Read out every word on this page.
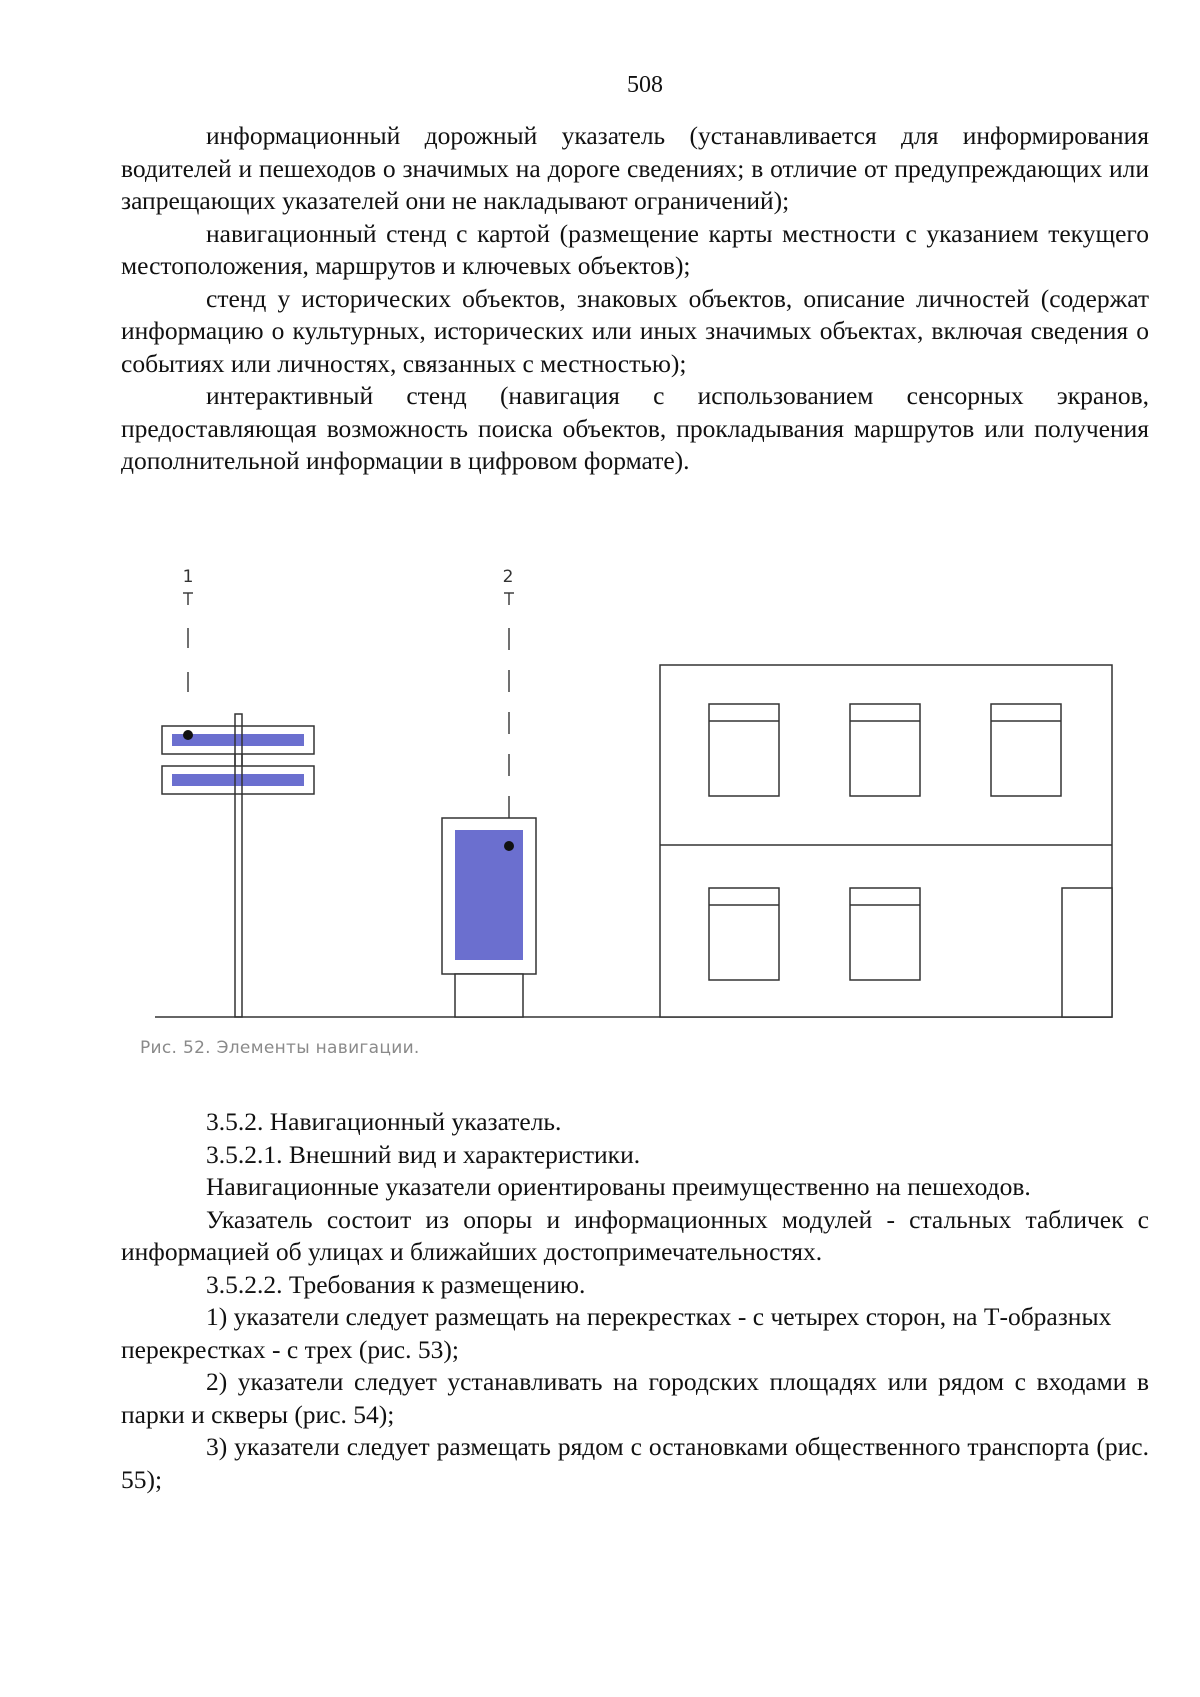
508

информационный дорожный указатель (устанавливается для информирования водителей и пешеходов о значимых на дороге сведениях; в отличие от предупреждающих или запрещающих указателей они не накладывают ограничений);

навигационный стенд с картой (размещение карты местности с указанием текущего местоположения, маршрутов и ключевых объектов);

стенд у исторических объектов, знаковых объектов, описание личностей (содержат информацию о культурных, исторических или иных значимых объектах, включая сведения о событиях или личностях, связанных с местностью);

интерактивный стенд (навигация с использованием сенсорных экранов, предоставляющая возможность поиска объектов, прокладывания маршрутов или получения дополнительной информации в цифровом формате).

1	2
Рис. 52. Элементы навигации.

3.5.2. Навигационный указатель.

3.5.2.1. Внешний вид и характеристики.

Навигационные указатели ориентированы преимущественно на пешеходов.

Указатель состоит из опоры и информационных модулей - стальных табличек с информацией об улицах и ближайших достопримечательностях.

3.5.2.2. Требования к размещению.

1) указатели следует размещать на перекрестках - с четырех сторон, на Т-образных перекрестках - с трех (рис. 53);

2) указатели следует устанавливать на городских площадях или рядом с входами в парки и скверы (рис. 54);

3) указатели следует размещать рядом с остановками общественного транспорта (рис. 55);
